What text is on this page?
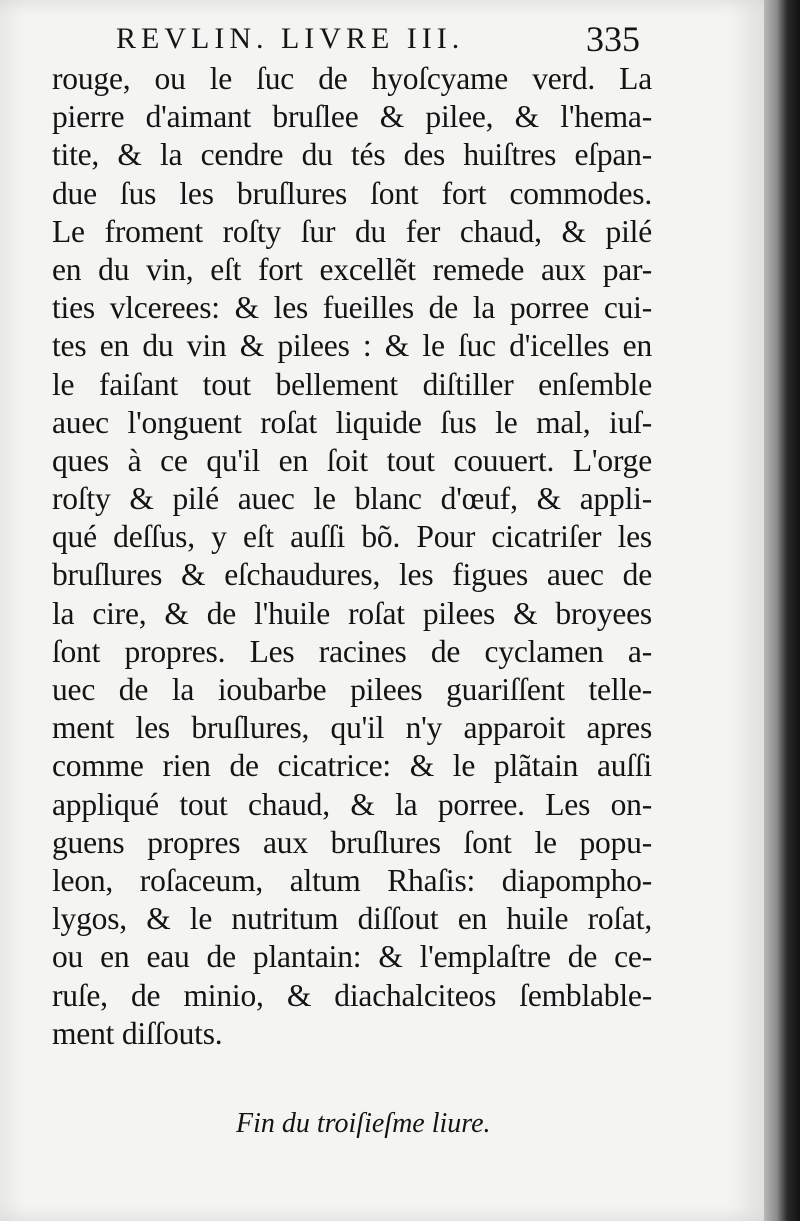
REVLIN. LIVRE III.	335

rouge, ou le ſuc de hyoſcyame verd. La
pierre d'aimant bruſlee & pilee, & l'hema-
tite, & la cendre du tés des huiſtres eſpan-
due ſus les bruſlures ſont fort commodes.
Le froment roſty ſur du fer chaud, & pilé
en du vin, eſt fort excellẽt remede aux par-
ties vlcerees: & les fueilles de la porree cui-
tes en du vin & pilees : & le ſuc d'icelles en
le faiſant tout bellement diſtiller enſemble
auec l'onguent roſat liquide ſus le mal, iuſ-
ques à ce qu'il en ſoit tout couuert. L'orge
roſty & pilé auec le blanc d'œuf, & appli-
qué deſſus, y eſt auſſi bõ. Pour cicatriſer les
bruſlures & eſchaudures, les figues auec de
la cire, & de l'huile roſat pilees & broyees
ſont propres. Les racines de cyclamen a-
uec de la ioubarbe pilees guariſſent telle-
ment les bruſlures, qu'il n'y apparoit apres
comme rien de cicatrice: & le plãtain auſſi
appliqué tout chaud, & la porree. Les on-
guens propres aux bruſlures ſont le popu-
leon, roſaceum, altum Rhaſis: diapompho-
lygos, & le nutritum diſſout en huile roſat,
ou en eau de plantain: & l'emplaſtre de ce-
ruſe, de minio, & diachalciteos ſemblable-
ment diſſouts.
Fin du troiſieſme liure.
